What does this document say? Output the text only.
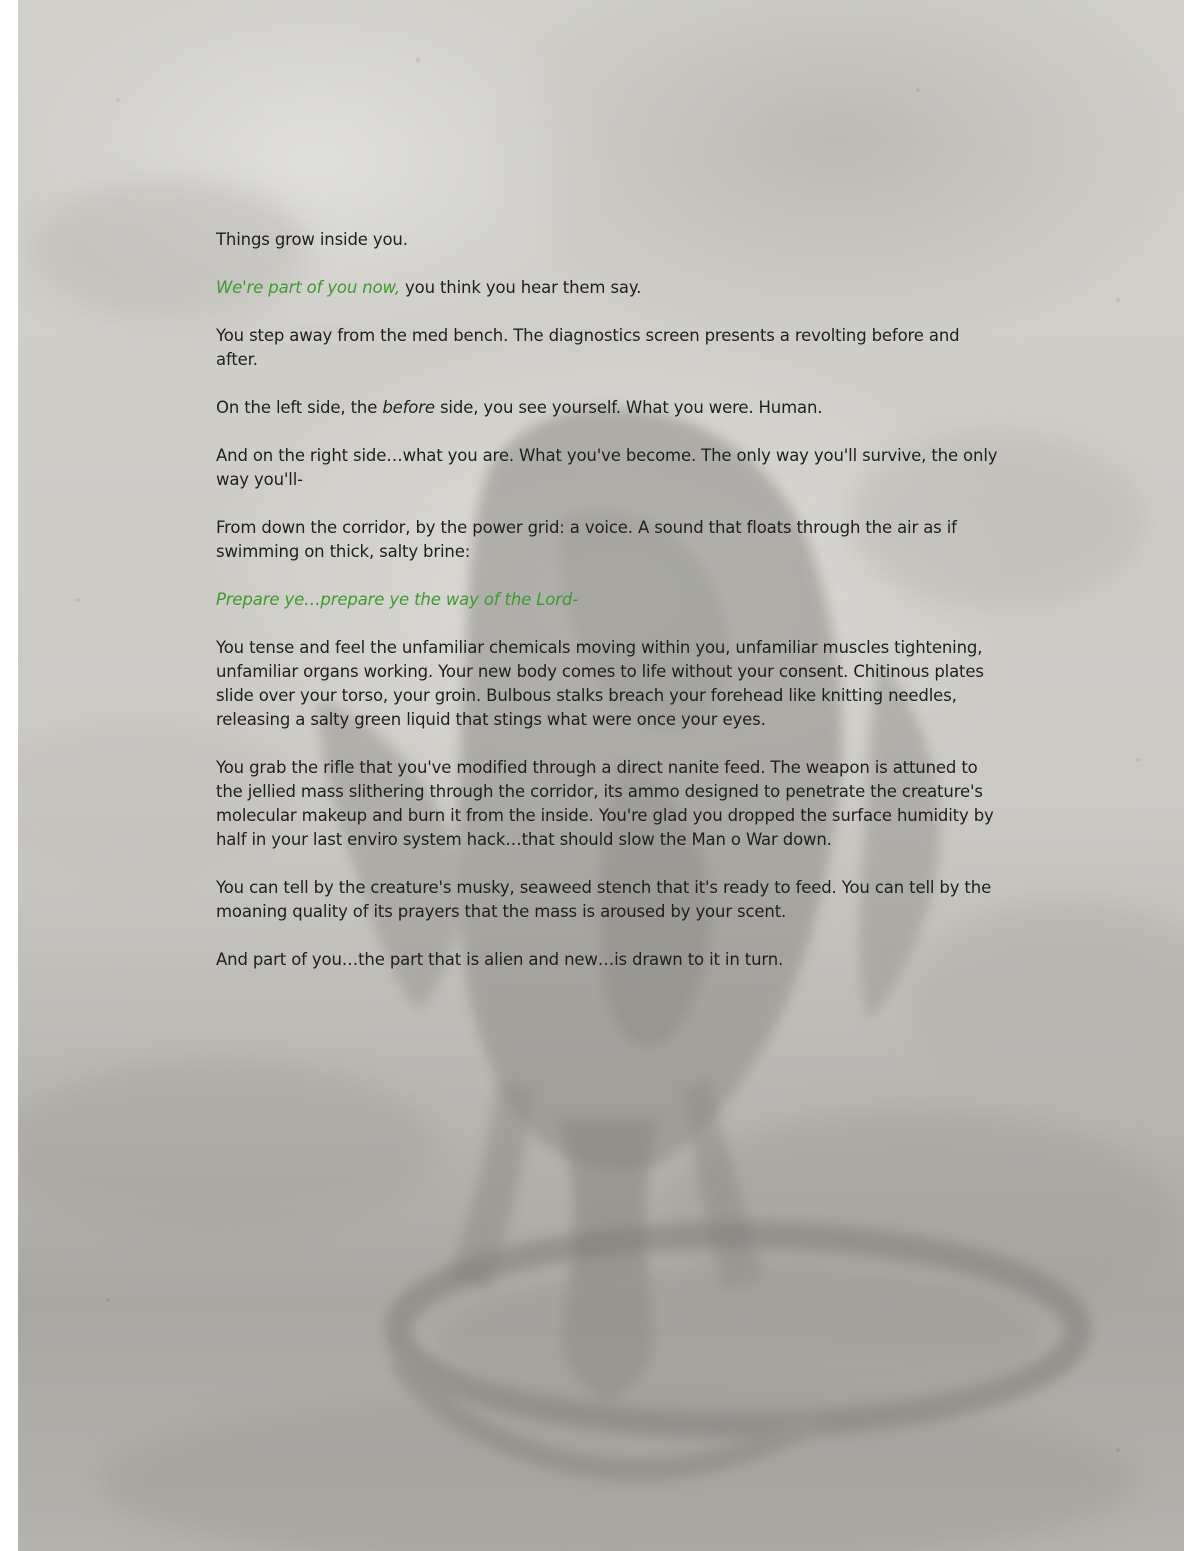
Things grow inside you.

We're part of you now, you think you hear them say.

You step away from the med bench. The diagnostics screen presents a revolting before and after.

On the left side, the before side, you see yourself. What you were. Human.

And on the right side…what you are. What you've become. The only way you'll survive, the only way you'll-

From down the corridor, by the power grid: a voice. A sound that floats through the air as if swimming on thick, salty brine:

Prepare ye…prepare ye the way of the Lord-

You tense and feel the unfamiliar chemicals moving within you, unfamiliar muscles tightening, unfamiliar organs working. Your new body comes to life without your consent. Chitinous plates slide over your torso, your groin. Bulbous stalks breach your forehead like knitting needles, releasing a salty green liquid that stings what were once your eyes.

You grab the rifle that you've modified through a direct nanite feed. The weapon is attuned to the jellied mass slithering through the corridor, its ammo designed to penetrate the creature's molecular makeup and burn it from the inside. You're glad you dropped the surface humidity by half in your last enviro system hack…that should slow the Man o War down.

You can tell by the creature's musky, seaweed stench that it's ready to feed. You can tell by the moaning quality of its prayers that the mass is aroused by your scent.

And part of you…the part that is alien and new…is drawn to it in turn.
